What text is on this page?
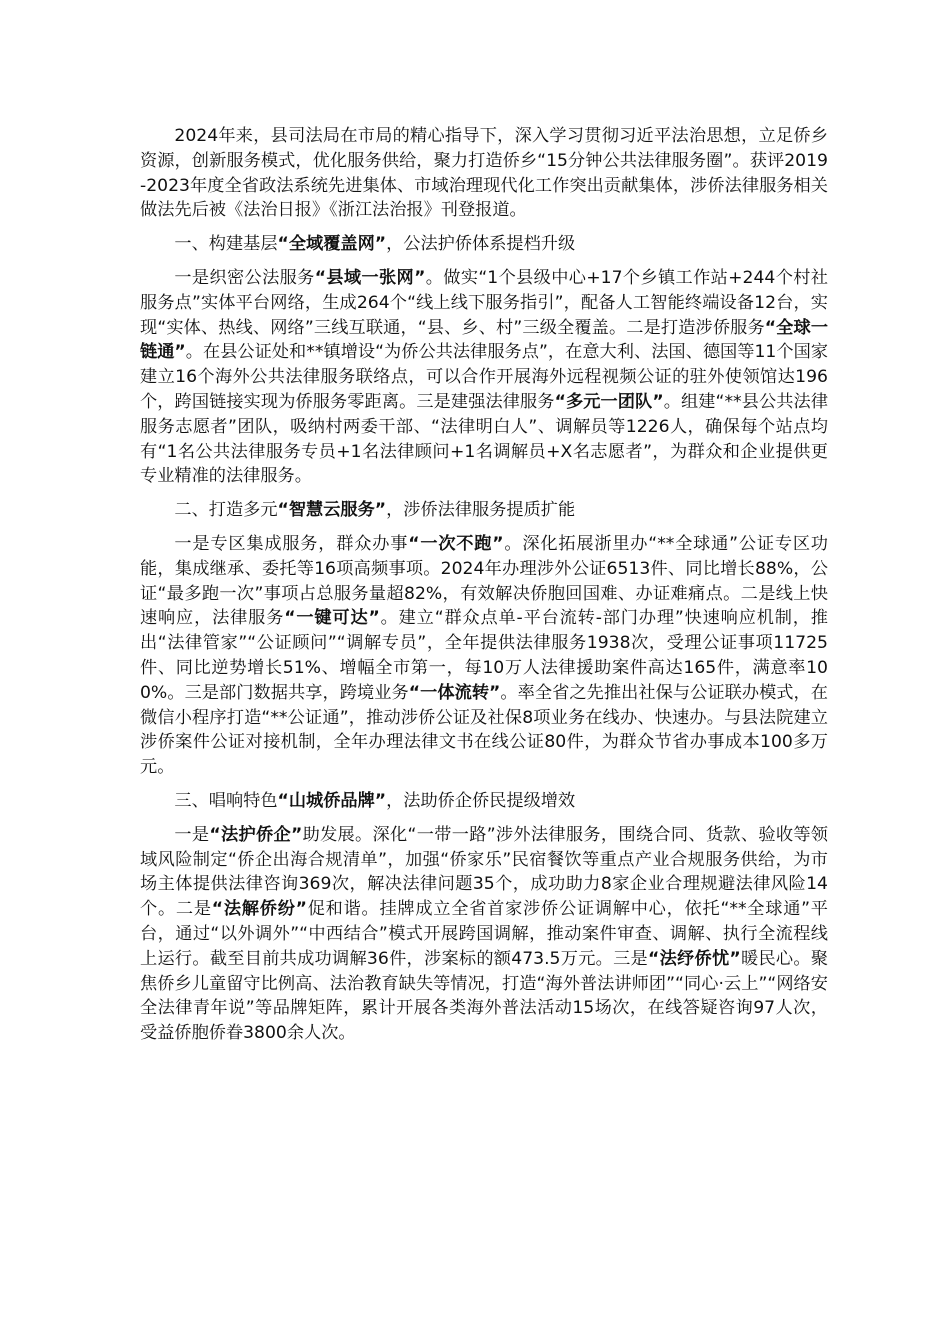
2024年来，县司法局在市局的精心指导下，深入学习贯彻习近平法治思想，立足侨乡资源，创新服务模式，优化服务供给，聚力打造侨乡“15分钟公共法律服务圈”。获评2019-2023年度全省政法系统先进集体、市域治理现代化工作突出贡献集体，涉侨法律服务相关做法先后被《法治日报》《浙江法治报》刊登报道。

一、构建基层“全域覆盖网”，公法护侨体系提档升级

一是织密公法服务“县域一张网”。做实“1个县级中心+17个乡镇工作站+244个村社服务点”实体平台网络，生成264个“线上线下服务指引”，配备人工智能终端设备12台，实现“实体、热线、网络”三线互联通，“县、乡、村”三级全覆盖。二是打造涉侨服务“全球一链通”。在县公证处和**镇增设“为侨公共法律服务点”，在意大利、法国、德国等11个国家建立16个海外公共法律服务联络点，可以合作开展海外远程视频公证的驻外使领馆达196个，跨国链接实现为侨服务零距离。三是建强法律服务“多元一团队”。组建“**县公共法律服务志愿者”团队，吸纳村两委干部、“法律明白人”、调解员等1226人，确保每个站点均有“1名公共法律服务专员+1名法律顾问+1名调解员+X名志愿者”，为群众和企业提供更专业精准的法律服务。

二、打造多元“智慧云服务”，涉侨法律服务提质扩能

一是专区集成服务，群众办事“一次不跑”。深化拓展浙里办“**全球通”公证专区功能，集成继承、委托等16项高频事项。2024年办理涉外公证6513件、同比增长88%，公证“最多跑一次”事项占总服务量超82%，有效解决侨胞回国难、办证难痛点。二是线上快速响应，法律服务“一键可达”。建立“群众点单-平台流转-部门办理”快速响应机制，推出“法律管家”“公证顾问”“调解专员”，全年提供法律服务1938次，受理公证事项11725件、同比逆势增长51%、增幅全市第一，每10万人法律援助案件高达165件，满意率100%。三是部门数据共享，跨境业务“一体流转”。率全省之先推出社保与公证联办模式，在微信小程序打造“**公证通”，推动涉侨公证及社保8项业务在线办、快速办。与县法院建立涉侨案件公证对接机制，全年办理法律文书在线公证80件，为群众节省办事成本100多万元。

三、唱响特色“山城侨品牌”，法助侨企侨民提级增效

一是“法护侨企”助发展。深化“一带一路”涉外法律服务，围绕合同、货款、验收等领域风险制定“侨企出海合规清单”，加强“侨家乐”民宿餐饮等重点产业合规服务供给，为市场主体提供法律咨询369次，解决法律问题35个，成功助力8家企业合理规避法律风险14个。二是“法解侨纷”促和谐。挂牌成立全省首家涉侨公证调解中心，依托“**全球通”平台，通过“以外调外”“中西结合”模式开展跨国调解，推动案件审查、调解、执行全流程线上运行。截至目前共成功调解36件，涉案标的额473.5万元。三是“法纾侨忧”暖民心。聚焦侨乡儿童留守比例高、法治教育缺失等情况，打造“海外普法讲师团”“同心·云上”“网络安全法律青年说”等品牌矩阵，累计开展各类海外普法活动15场次，在线答疑咨询97人次，受益侨胞侨眷3800余人次。
